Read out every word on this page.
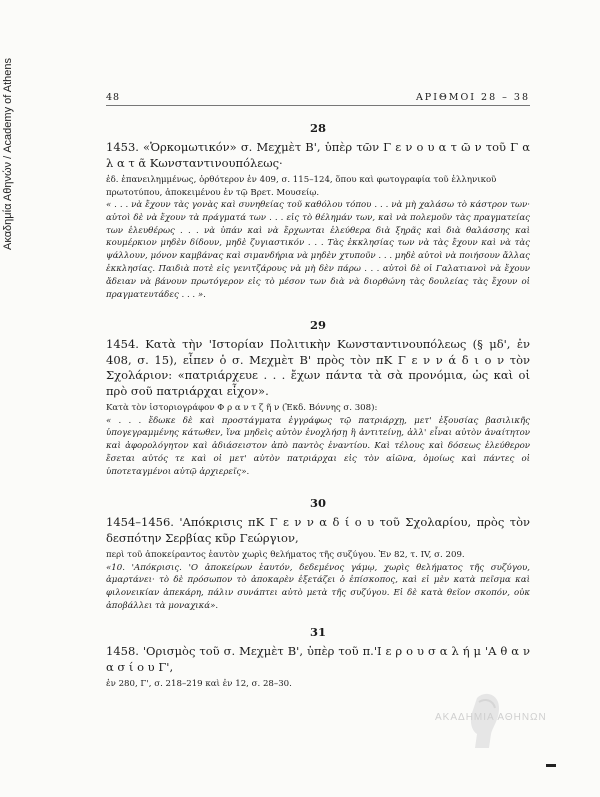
Ακαδημία Αθηνών / Academy of Athens	48	ΑΡΙΘΜΟΙ 28 – 38

28

1453. «Ὁρκομωτικόν» σ. Μεχμὲτ Β', ὑπὲρ τῶν Γ ε ν ο υ α τ ῶ ν τοῦ Γ α λ α τ ᾶ Κωνσταντινουπόλεως·

ἐδ. ἐπανειλημμένως, ὀρθότερον ἐν 409, σ. 115–124, ὅπου καὶ φωτογραφία τοῦ ἑλληνικοῦ πρωτοτύπου, ἀποκειμένου ἐν τῷ Βρετ. Μουσείῳ.

« . . . νὰ ἔχουν τὰς γονὰς καὶ συνηθείας τοῦ καθόλου τόπου . . . νὰ μὴ χαλάσω τὸ κάστρον των· αὐτοὶ δὲ νὰ ἔχουν τὰ πράγματά των . . . εἰς τὸ θέλημάν των, καὶ νὰ πολεμοῦν τὰς πραγματείας των ἐλευθέρως . . . νὰ ὑπάν καὶ νὰ ἔρχωνται ἐλεύθερα διὰ ξηρᾶς καὶ διὰ θαλάσσης καὶ κουμέρκιον μηδὲν δίδουν, μηδὲ ζυγιαστικόν . . . Τὰς ἐκκλησίας των νὰ τὰς ἔχουν καὶ νὰ τὰς ψάλλουν, μόνον καμβάνας καὶ σιμανδήρια νὰ μηδὲν χτυποῦν . . . μηδὲ αὐτοὶ νὰ ποιήσουν ἄλλας ἐκκλησίας. Παιδιὰ ποτὲ εἰς γενιτζάρους νὰ μὴ δὲν πάρω . . . αὐτοὶ δὲ οἱ Γαλατιανοὶ νὰ ἔχουν ἄδειαν νὰ βάνουν πρωτόγερον εἰς τὸ μέσον των διὰ νὰ διορθώνη τὰς δουλείας τὰς ἔχουν οἱ πραγματευτάδες . . . ».

29

1454. Κατὰ τὴν 'Ιστορίαν Πολιτικὴν Κωνσταντινουπόλεως (§ μδ', ἐν 408, σ. 15), εἶπεν ὁ σ. Μεχμὲτ Β' πρὸς τὸν πΚ Γ ε ν ν ά δ ι ο ν τὸν Σχολάριον: «πατριάρχευε . . . ἔχων πάντα τὰ σὰ προνόμια, ὡς καὶ οἱ πρὸ σοῦ πατριάρχαι εἶχον».

Κατὰ τὸν ἱστοριογράφον Φ ρ α ν τ ζ ῆ ν (Ἐκδ. Βόννης σ. 308):

« . . . ἔδωκε δὲ καὶ προστάγματα ἐγγράφως τῷ πατριάρχῃ, μετ' ἐξουσίας βασιλικῆς ὑπογεγραμμένης κάτωθεν, ἵνα μηδεὶς αὐτὸν ἐνοχλήσῃ ἢ ἀντιτείνῃ, ἀλλ' εἶναι αὐτὸν ἀναίτητον καὶ ἀφορολόγητον καὶ ἀδιάσειστον ἀπὸ παντὸς ἐναντίου. Καὶ τέλους καὶ δόσεως ἐλεύθερον ἔσεται αὐτός τε καὶ οἱ μετ' αὐτὸν πατριάρχαι εἰς τὸν αἰῶνα, ὁμοίως καὶ πάντες οἱ ὑποτεταγμένοι αὐτῷ ἀρχιερεῖς».

30

1454–1456. 'Απόκρισις πΚ Γ ε ν ν α δ ί ο υ τοῦ Σχολαρίου, πρὸς τὸν δεσπότην Σερβίας κῦρ Γεώργιον,

περὶ τοῦ ἀποκείραντος ἑαυτὸν χωρὶς θελήματος τῆς συζύγου. Ἐν 82, τ. IV, σ. 209.

«10. 'Απόκρισις. 'Ο ἀποκείρων ἑαυτόν, δεδεμένος γάμῳ, χωρὶς θελήματος τῆς συζύγου, ἁμαρτάνει· τὸ δὲ πρόσωπον τὸ ἀποκαρὲν ἐξετάζει ὁ ἐπίσκοπος, καὶ εἰ μὲν κατὰ πεῖσμα καὶ φιλονεικίαν ἀπεκάρη, πάλιν συνάπτει αὐτὸ μετὰ τῆς συζύγου. Εἰ δὲ κατὰ θεῖον σκοπόν, οὐκ ἀποβάλλει τὰ μοναχικά».

31

1458. 'Ορισμὸς τοῦ σ. Μεχμὲτ Β', ὑπὲρ τοῦ π.'Ι ε ρ ο υ σ α λ ή μ 'Α θ α ν α σ ί ο υ Γ',

ἐν 280, Γ', σ. 218–219 καὶ ἐν 12, σ. 28–30.

ΑΚΑΔΗΜΙΑ ΑΘΗΝΩΝ
